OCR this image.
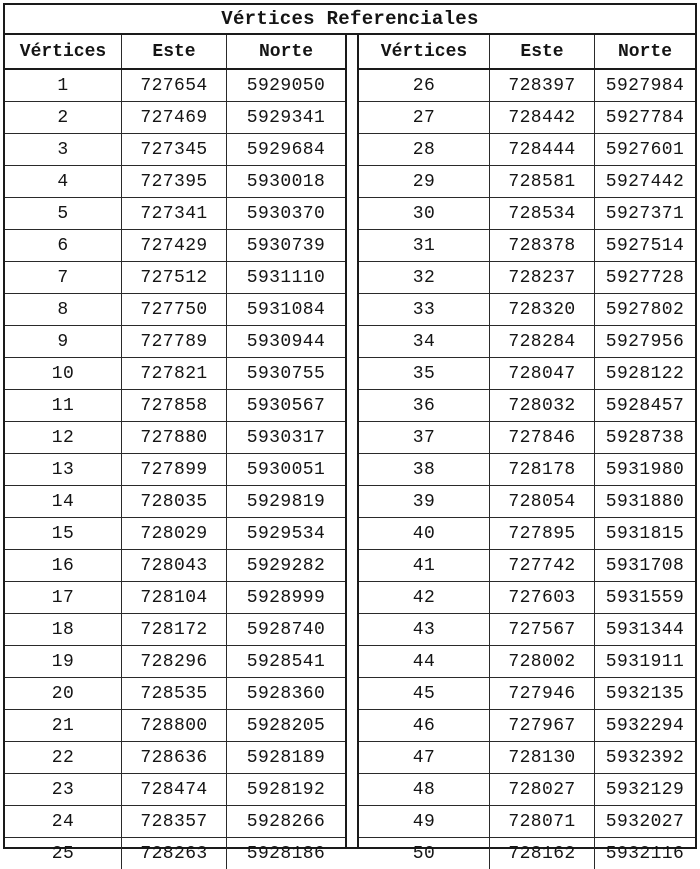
Vértices Referenciales
Vértices	Este	Norte
1	727654	5929050
2	727469	5929341
3	727345	5929684
4	727395	5930018
5	727341	5930370
6	727429	5930739
7	727512	5931110
8	727750	5931084
9	727789	5930944
10	727821	5930755
11	727858	5930567
12	727880	5930317
13	727899	5930051
14	728035	5929819
15	728029	5929534
16	728043	5929282
17	728104	5928999
18	728172	5928740
19	728296	5928541
20	728535	5928360
21	728800	5928205
22	728636	5928189
23	728474	5928192
24	728357	5928266
25	728263	5928186
Vértices	Este	Norte
26	728397	5927984
27	728442	5927784
28	728444	5927601
29	728581	5927442
30	728534	5927371
31	728378	5927514
32	728237	5927728
33	728320	5927802
34	728284	5927956
35	728047	5928122
36	728032	5928457
37	727846	5928738
38	728178	5931980
39	728054	5931880
40	727895	5931815
41	727742	5931708
42	727603	5931559
43	727567	5931344
44	728002	5931911
45	727946	5932135
46	727967	5932294
47	728130	5932392
48	728027	5932129
49	728071	5932027
50	728162	5932116
